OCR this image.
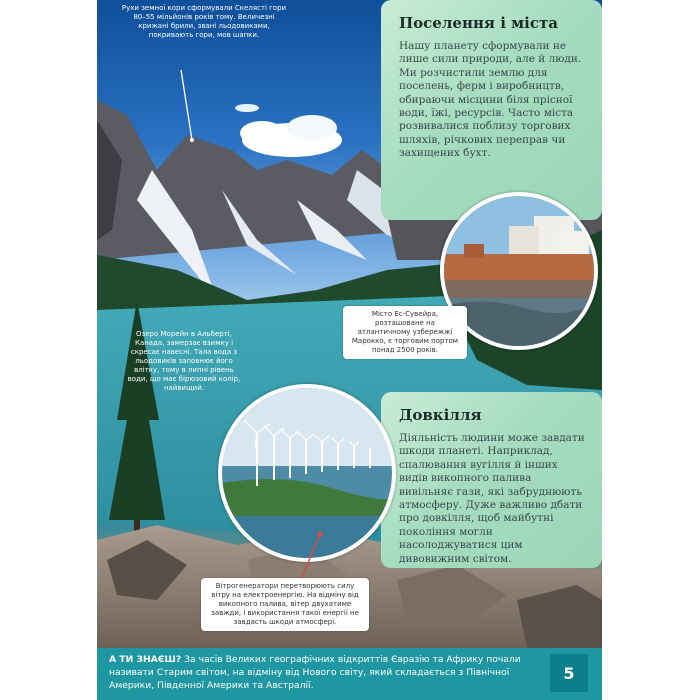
Рухи земної кори сформували Скелясті гори 80–55 мільйонів років тому. Величезні крижані брили, звані льодовиками, покривають гори, мов шапки.
Озеро Морейн в Альберті, Канада, замерзає взимку і скресає навесні. Тала вода з льодовиків заповнює його влітку, тому в липні рівень води, що має бірюзовий колір, найвищий.
Поселення і міста

Нашу планету сформували не лише сили природи, але й люди. Ми розчистили землю для поселень, ферм і виробництв, обираючи місцини біля прісної води, їжі, ресурсів. Часто міста розвивалися поблизу торгових шляхів, річкових переправ чи захищених бухт.

Місто Ес-Сувейра, розташоване на атлантичному узбережжі Марокко, є торговим портом понад 2500 років.
Довкілля

Діяльність людини може завдати шкоди планеті. Наприклад, спалювання вугілля й інших видів викопного палива вивільняє гази, які забруднюють атмосферу. Дуже важливо дбати про довкілля, щоб майбутні покоління могли насолоджуватися цим дивовижним світом.

Вітрогенератори перетворюють силу вітру на електроенергію. На відміну від викопного палива, вітер двухатиме завжди, і використання такої енергії не завдасть шкоди атмосфері.
А ТИ ЗНАЄШ? За часів Великих географічних відкриттів Євразію та Африку почали називати Старим світом, на відміну від Нового світу, який складається з Північної Америки, Південної Америки та Австралії.
5
